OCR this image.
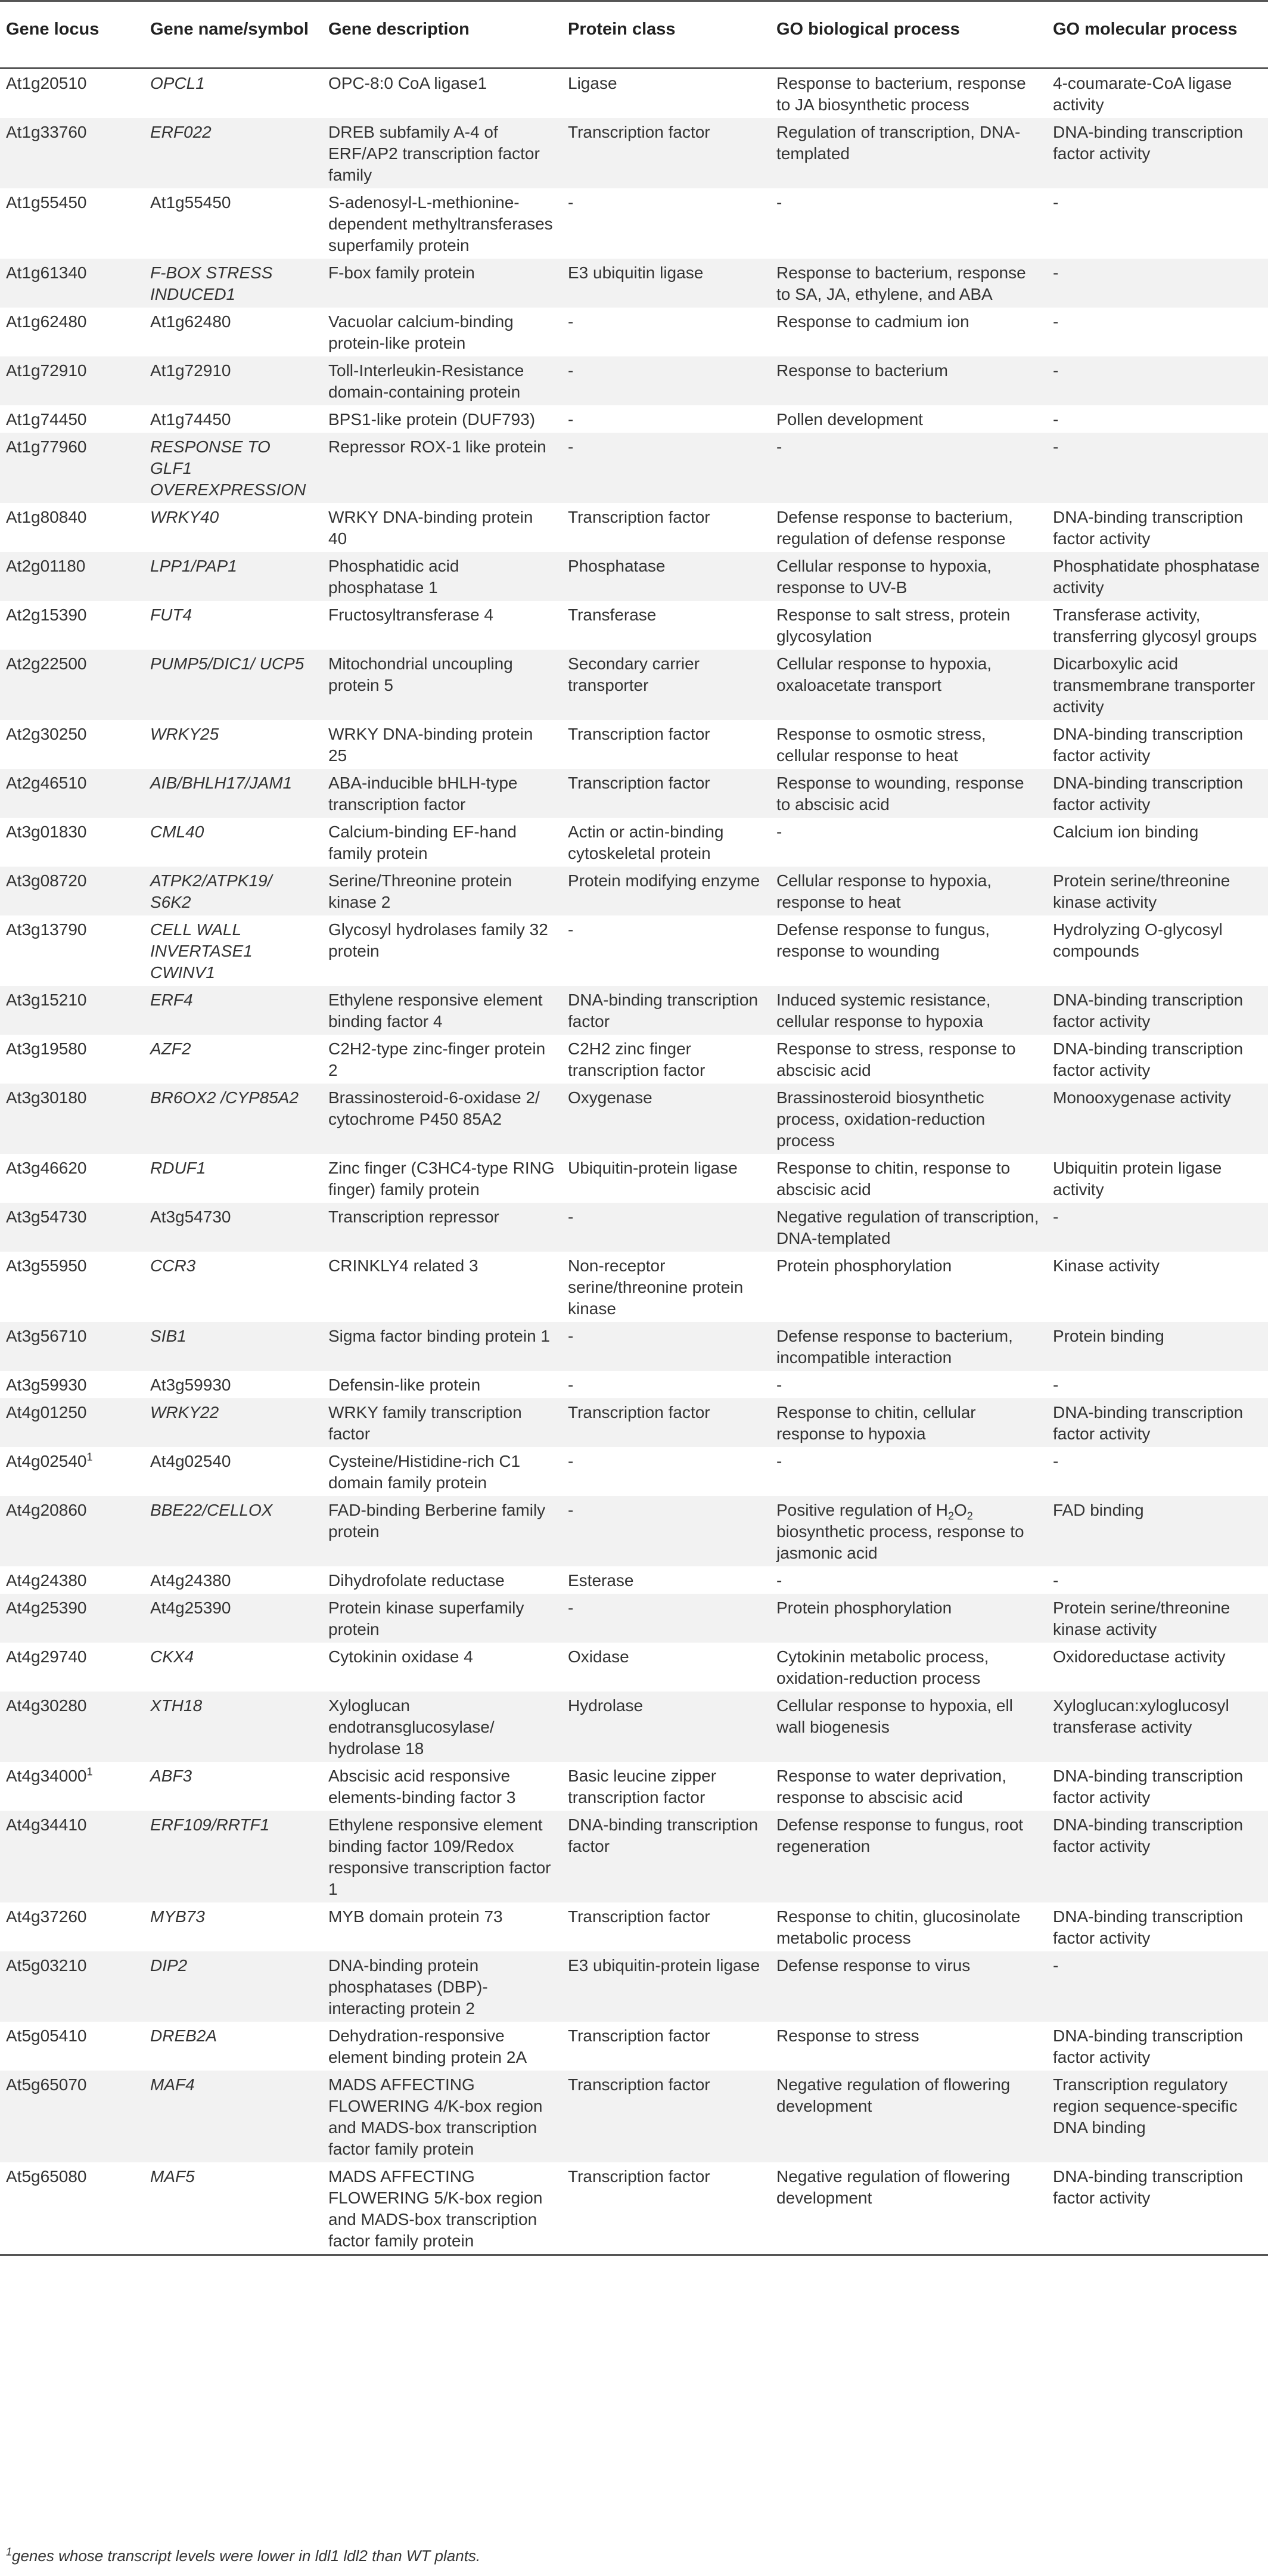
Gene locus	Gene name/symbol	Gene description	Protein class	GO biological process	GO molecular process
At1g20510	OPCL1	OPC-8:0 CoA ligase1	Ligase	Response to bacterium, response to JA biosynthetic process	4-coumarate-CoA ligase activity
At1g33760	ERF022	DREB subfamily A-4 of ERF/AP2 transcription factor family	Transcription factor	Regulation of transcription, DNA-templated	DNA-binding transcription factor activity
At1g55450	At1g55450	S-adenosyl-L-methionine-dependent methyltransferases superfamily protein	-	-	-
At1g61340	F-BOX STRESS INDUCED1	F-box family protein	E3 ubiquitin ligase	Response to bacterium, response to SA, JA, ethylene, and ABA	-
At1g62480	At1g62480	Vacuolar calcium-binding protein-like protein	-	Response to cadmium ion	-
At1g72910	At1g72910	Toll-Interleukin-Resistance domain-containing protein	-	Response to bacterium	-
At1g74450	At1g74450	BPS1-like protein (DUF793)	-	Pollen development	-
At1g77960	RESPONSE TO GLF1 OVEREXPRESSION	Repressor ROX-1 like protein	-	-	-
At1g80840	WRKY40	WRKY DNA-binding protein 40	Transcription factor	Defense response to bacterium, regulation of defense response	DNA-binding transcription factor activity
At2g01180	LPP1/PAP1	Phosphatidic acid phosphatase 1	Phosphatase	Cellular response to hypoxia, response to UV-B	Phosphatidate phosphatase activity
At2g15390	FUT4	Fructosyltransferase 4	Transferase	Response to salt stress, protein glycosylation	Transferase activity, transferring glycosyl groups
At2g22500	PUMP5/DIC1/ UCP5	Mitochondrial uncoupling protein 5	Secondary carrier transporter	Cellular response to hypoxia, oxaloacetate transport	Dicarboxylic acid transmembrane transporter activity
At2g30250	WRKY25	WRKY DNA-binding protein 25	Transcription factor	Response to osmotic stress, cellular response to heat	DNA-binding transcription factor activity
At2g46510	AIB/BHLH17/JAM1	ABA-inducible bHLH-type transcription factor	Transcription factor	Response to wounding, response to abscisic acid	DNA-binding transcription factor activity
At3g01830	CML40	Calcium-binding EF-hand family protein	Actin or actin-binding cytoskeletal protein	-	Calcium ion binding
At3g08720	ATPK2/ATPK19/ S6K2	Serine/Threonine protein kinase 2	Protein modifying enzyme	Cellular response to hypoxia, response to heat	Protein serine/threonine kinase activity
At3g13790	CELL WALL INVERTASE1 CWINV1	Glycosyl hydrolases family 32 protein	-	Defense response to fungus, response to wounding	Hydrolyzing O-glycosyl compounds
At3g15210	ERF4	Ethylene responsive element binding factor 4	DNA-binding transcription factor	Induced systemic resistance, cellular response to hypoxia	DNA-binding transcription factor activity
At3g19580	AZF2	C2H2-type zinc-finger protein 2	C2H2 zinc finger transcription factor	Response to stress, response to abscisic acid	DNA-binding transcription factor activity
At3g30180	BR6OX2 /CYP85A2	Brassinosteroid-6-oxidase 2/ cytochrome P450 85A2	Oxygenase	Brassinosteroid biosynthetic process, oxidation-reduction process	Monooxygenase activity
At3g46620	RDUF1	Zinc finger (C3HC4-type RING finger) family protein	Ubiquitin-protein ligase	Response to chitin, response to abscisic acid	Ubiquitin protein ligase activity
At3g54730	At3g54730	Transcription repressor	-	Negative regulation of transcription, DNA-templated	-
At3g55950	CCR3	CRINKLY4 related 3	Non-receptor serine/threonine protein kinase	Protein phosphorylation	Kinase activity
At3g56710	SIB1	Sigma factor binding protein 1	-	Defense response to bacterium, incompatible interaction	Protein binding
At3g59930	At3g59930	Defensin-like protein	-	-	-
At4g01250	WRKY22	WRKY family transcription factor	Transcription factor	Response to chitin, cellular response to hypoxia	DNA-binding transcription factor activity
At4g02540$^1$	At4g02540	Cysteine/Histidine-rich C1 domain family protein	-	-	-
At4g20860	BBE22/CELLOX	FAD-binding Berberine family protein	-	Positive regulation of $H_2O_2$ biosynthetic process, response to jasmonic acid	FAD binding
At4g24380	At4g24380	Dihydrofolate reductase	Esterase	-	-
At4g25390	At4g25390	Protein kinase superfamily protein	-	Protein phosphorylation	Protein serine/threonine kinase activity
At4g29740	CKX4	Cytokinin oxidase 4	Oxidase	Cytokinin metabolic process, oxidation-reduction process	Oxidoreductase activity
At4g30280	XTH18	Xyloglucan endotransglucosylase/ hydrolase 18	Hydrolase	Cellular response to hypoxia, ell wall biogenesis	Xyloglucan:xyloglucosyl transferase activity
At4g34000$^1$	ABF3	Abscisic acid responsive elements-binding factor 3	Basic leucine zipper transcription factor	Response to water deprivation, response to abscisic acid	DNA-binding transcription factor activity
At4g34410	ERF109/RRTF1	Ethylene responsive element binding factor 109/Redox responsive transcription factor 1	DNA-binding transcription factor	Defense response to fungus, root regeneration	DNA-binding transcription factor activity
At4g37260	MYB73	MYB domain protein 73	Transcription factor	Response to chitin, glucosinolate metabolic process	DNA-binding transcription factor activity
At5g03210	DIP2	DNA-binding protein phosphatases (DBP)-interacting protein 2	E3 ubiquitin-protein ligase	Defense response to virus	-
At5g05410	DREB2A	Dehydration-responsive element binding protein 2A	Transcription factor	Response to stress	DNA-binding transcription factor activity
At5g65070	MAF4	MADS AFFECTING FLOWERING 4/K-box region and MADS-box transcription factor family protein	Transcription factor	Negative regulation of flowering development	Transcription regulatory region sequence-specific DNA binding
At5g65080	MAF5	MADS AFFECTING FLOWERING 5/K-box region and MADS-box transcription factor family protein	Transcription factor	Negative regulation of flowering development	DNA-binding transcription factor activity
$^1$genes whose transcript levels were lower in ldl1 ldl2 than WT plants.
